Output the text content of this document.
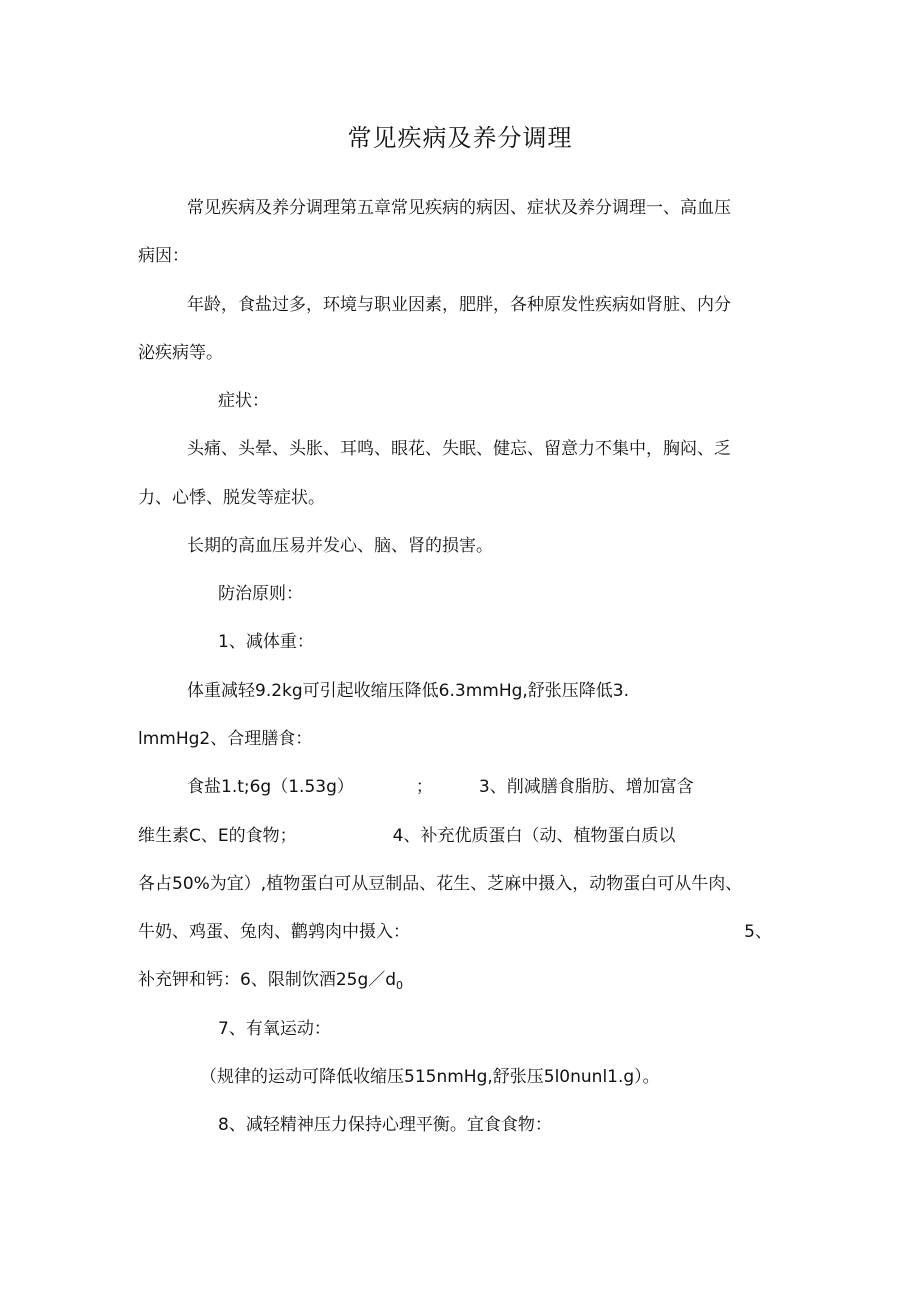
常见疾病及养分调理
常见疾病及养分调理第五章常见疾病的病因、症状及养分调理一、高血压
病因：
年龄，食盐过多，环境与职业因素，肥胖，各种原发性疾病如肾脏、内分
泌疾病等。
症状：
头痛、头晕、头胀、耳鸣、眼花、失眠、健忘、留意力不集中，胸闷、乏
力、心悸、脱发等症状。
长期的高血压易并发心、脑、肾的损害。
防治原则：
1、减体重：
体重减轻9.2kg可引起收缩压降低6.3mmHg,舒张压降低3.
lmmHg2、合理膳食：
食盐1.t;6g（1.53g）	；	3、削减膳食脂肪、增加富含
维生素C、E的食物；	4、补充优质蛋白（动、植物蛋白质以
各占50%为宜）,植物蛋白可从豆制品、花生、芝麻中摄入，动物蛋白可从牛肉、
牛奶、鸡蛋、兔肉、鹳鹑肉中摄入：	5、
补充钾和钙：6、限制饮酒$25g/d_0$
7、有氧运动：
（规律的运动可降低收缩压515nmHg,舒张压5l0nunl1.g）。
8、减轻精神压力保持心理平衡。宜食食物：
